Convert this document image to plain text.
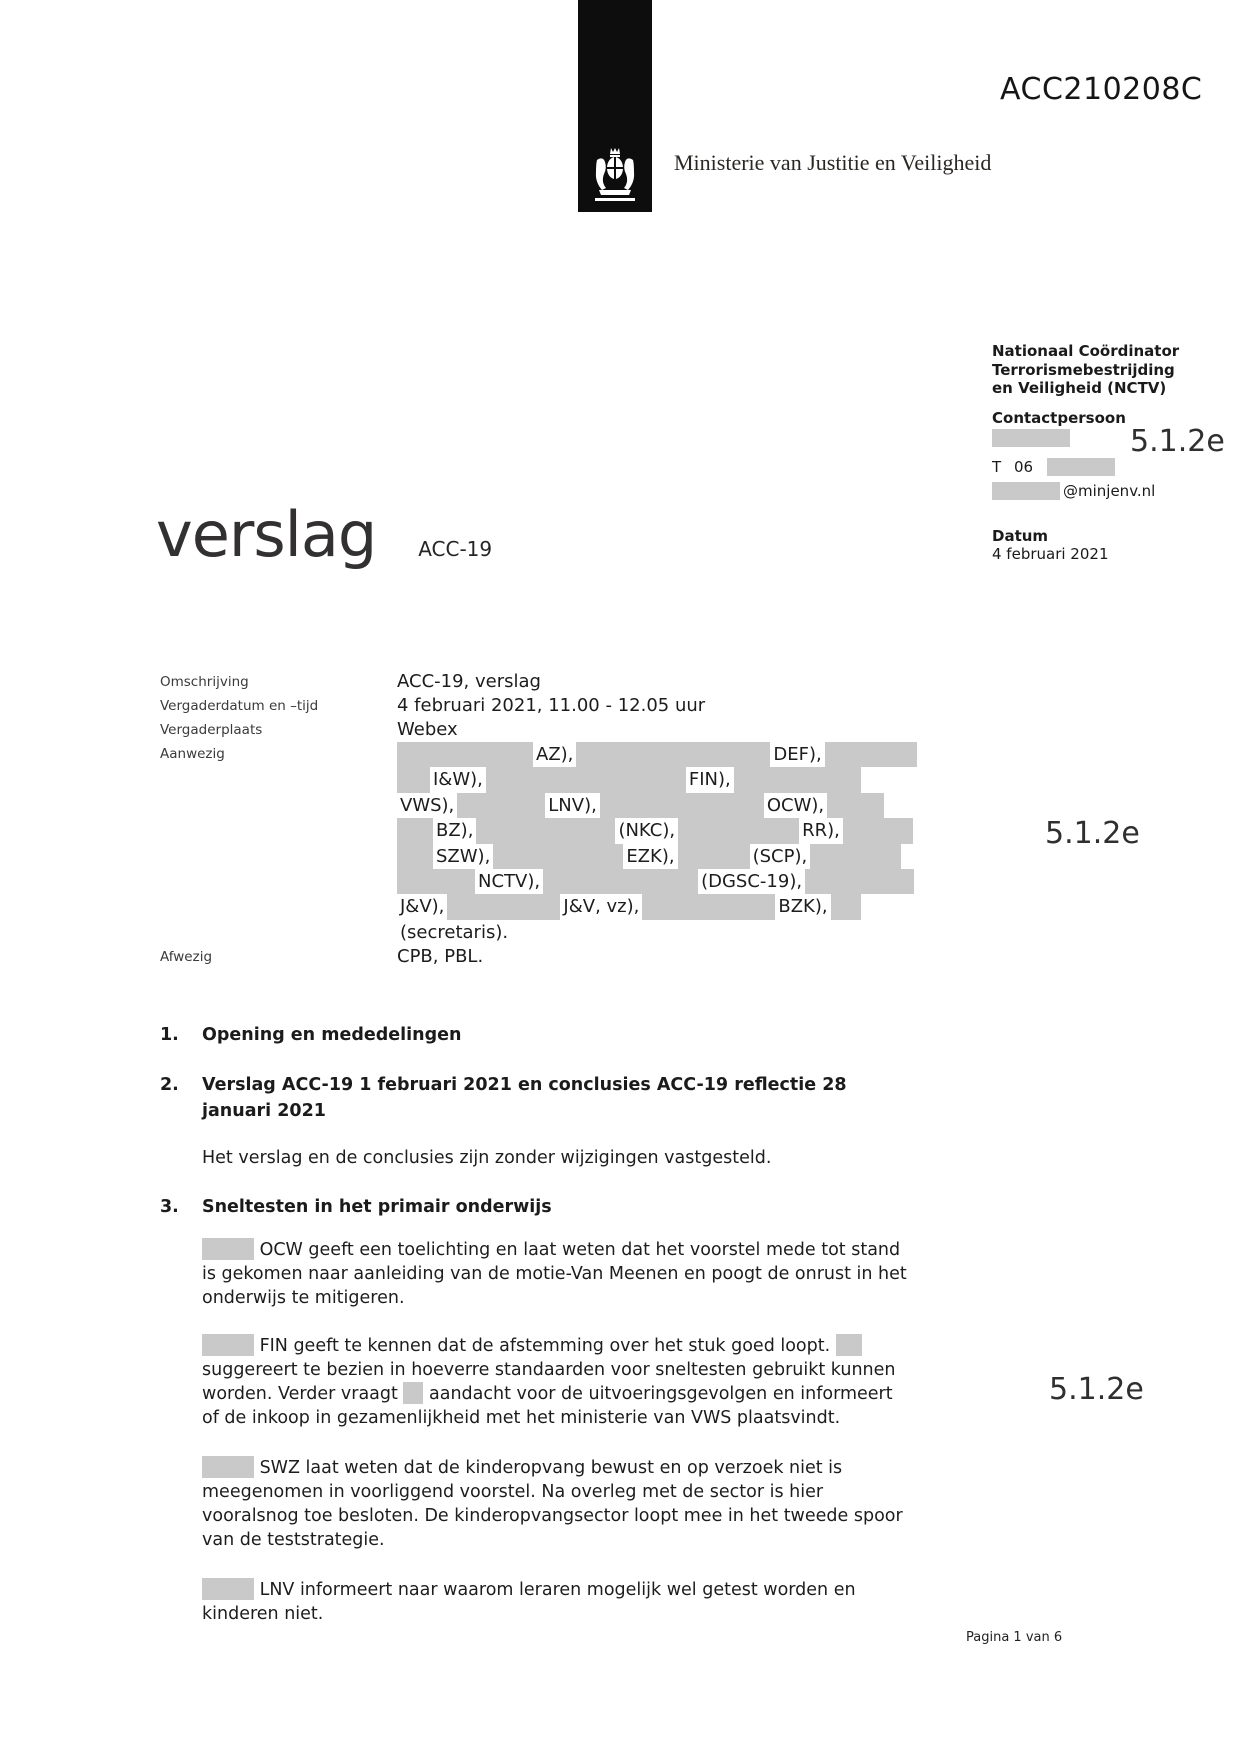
Ministerie van Justitie en Veiligheid
ACC210208C
Nationaal Coördinator Terrorismebestrijding en Veiligheid (NCTV)
Contactpersoon
T 06
@minjenv.nl
Datum
4 februari 2021
5.1.2e
5.1.2e
5.1.2e
verslag ACC-19
Omschrijving	ACC-19, verslag
Vergaderdatum en –tijd	4 februari 2021, 11.00 - 12.05 uur
Vergaderplaats	Webex
Aanwezig	AZ),	DEF),
I&W),	FIN),
VWS),	LNV),	OCW),
BZ),	(NKC),	RR),
SZW),	EZK),	(SCP),
NCTV),	(DGSC-19),
J&V),	J&V, vz),	BZK),
(secretaris).
Afwezig	CPB, PBL.
1.	Opening en mededelingen
2.	Verslag ACC-19 1 februari 2021 en conclusies ACC-19 reflectie 28 januari 2021
Het verslag en de conclusies zijn zonder wijzigingen vastgesteld.
3.	Sneltesten in het primair onderwijs
OCW geeft een toelichting en laat weten dat het voorstel mede tot stand is gekomen naar aanleiding van de motie-Van Meenen en poogt de onrust in het onderwijs te mitigeren.
FIN geeft te kennen dat de afstemming over het stuk goed loopt.  suggereert te bezien in hoeverre standaarden voor sneltesten gebruikt kunnen worden. Verder vraagt  aandacht voor de uitvoeringsgevolgen en informeert of de inkoop in gezamenlijkheid met het ministerie van VWS plaatsvindt.
SWZ laat weten dat de kinderopvang bewust en op verzoek niet is meegenomen in voorliggend voorstel. Na overleg met de sector is hier vooralsnog toe besloten. De kinderopvangsector loopt mee in het tweede spoor van de teststrategie.
LNV informeert naar waarom leraren mogelijk wel getest worden en kinderen niet.
Pagina 1 van 6
